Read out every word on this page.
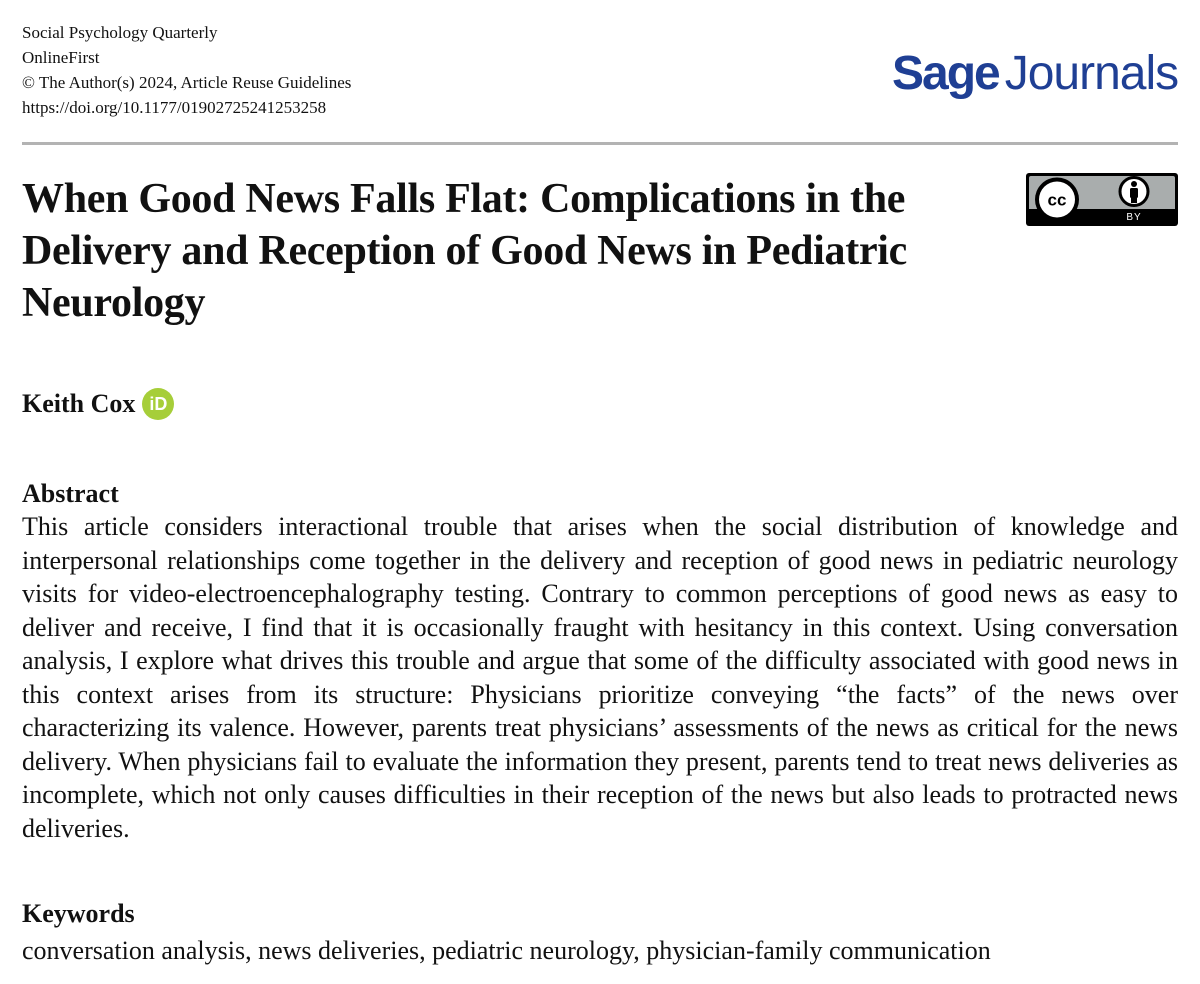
Social Psychology Quarterly
OnlineFirst
© The Author(s) 2024, Article Reuse Guidelines
https://doi.org/10.1177/01902725241253258
Sage Journals
When Good News Falls Flat: Complications in the Delivery and Reception of Good News in Pediatric Neurology
cc
BY
Keith Cox iD
Abstract

This article considers interactional trouble that arises when the social distribution of knowledge and interpersonal relationships come together in the delivery and reception of good news in pediatric neurology visits for video-electroencephalography testing. Contrary to common perceptions of good news as easy to deliver and receive, I find that it is occasionally fraught with hesitancy in this context. Using conversation analysis, I explore what drives this trouble and argue that some of the difficulty associated with good news in this context arises from its structure: Physicians prioritize conveying “the facts” of the news over characterizing its valence. However, parents treat physicians’ assessments of the news as critical for the news delivery. When physicians fail to evaluate the information they present, parents tend to treat news deliveries as incomplete, which not only causes difficulties in their reception of the news but also leads to protracted news deliveries.

Keywords

conversation analysis, news deliveries, pediatric neurology, physician-family communication
